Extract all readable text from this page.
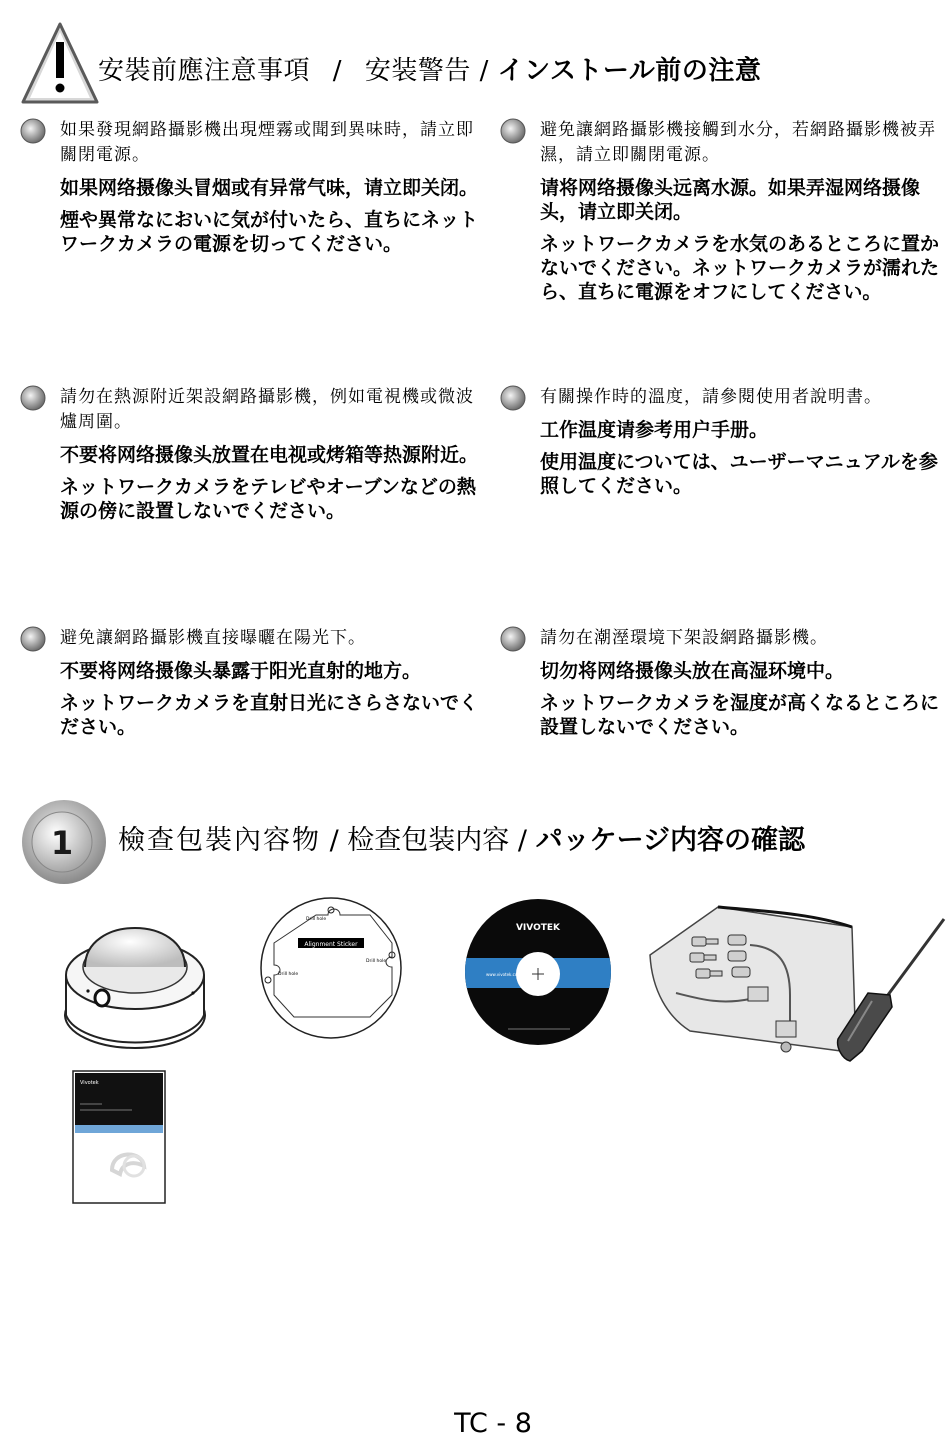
安裝前應注意事項 / 安装警告 / インストール前の注意
如果發現網路攝影機出現煙霧或聞到異味時，請立即關閉電源。
如果网络摄像头冒烟或有异常气味，请立即关闭。
煙や異常なにおいに気が付いたら、直ちにネットワークカメラの電源を切ってください。
避免讓網路攝影機接觸到水分，若網路攝影機被弄濕，請立即關閉電源。
请将网络摄像头远离水源。如果弄湿网络摄像头，请立即关闭。
ネットワークカメラを水気のあるところに置かないでください。ネットワークカメラが濡れたら、直ちに電源をオフにしてください。
請勿在熱源附近架設網路攝影機，例如電視機或微波爐周圍。
不要将网络摄像头放置在电视或烤箱等热源附近。
ネットワークカメラをテレビやオーブンなどの熱源の傍に設置しないでください。
有關操作時的溫度，請參閱使用者說明書。
工作温度请参考用户手册。
使用温度については、ユーザーマニュアルを参照してください。
避免讓網路攝影機直接曝曬在陽光下。
不要将网络摄像头暴露于阳光直射的地方。
ネットワークカメラを直射日光にさらさないでください。
請勿在潮溼環境下架設網路攝影機。
切勿将网络摄像头放在高湿环境中。
ネットワークカメラを湿度が高くなるところに設置しないでください。
1 檢查包裝內容物 / 检查包装内容 / パッケージ内容の確認
Alignment Sticker
Drill hole
Drill hole
Drill hole
VIVOTEK
www.vivotek.com
Vivotek
TC - 8
